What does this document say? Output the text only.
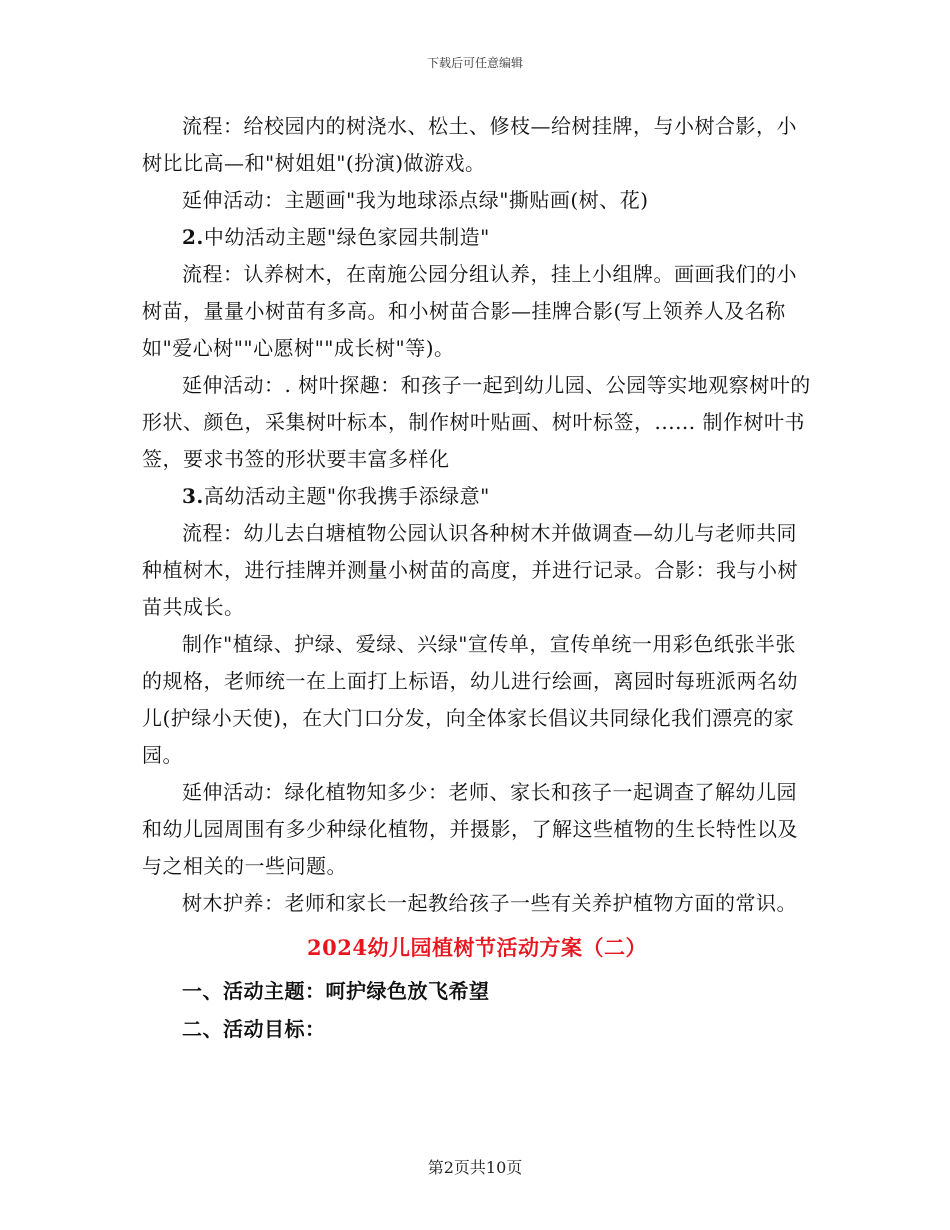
下载后可任意编辑

流程：给校园内的树浇水、松土、修枝—给树挂牌，与小树合影，小树比比高—和"树姐姐"(扮演)做游戏。

延伸活动：主题画"我为地球添点绿"撕贴画(树、花)

2.中幼活动主题"绿色家园共制造"

流程：认养树木，在南施公园分组认养，挂上小组牌。画画我们的小树苗，量量小树苗有多高。和小树苗合影—挂牌合影(写上领养人及名称如"爱心树""心愿树""成长树"等)。

延伸活动：. 树叶探趣：和孩子一起到幼儿园、公园等实地观察树叶的形状、颜色，采集树叶标本，制作树叶贴画、树叶标签，...... 制作树叶书签，要求书签的形状要丰富多样化

3.高幼活动主题"你我携手添绿意"

流程：幼儿去白塘植物公园认识各种树木并做调查—幼儿与老师共同种植树木，进行挂牌并测量小树苗的高度，并进行记录。合影：我与小树苗共成长。

制作"植绿、护绿、爱绿、兴绿"宣传单，宣传单统一用彩色纸张半张的规格，老师统一在上面打上标语，幼儿进行绘画，离园时每班派两名幼儿(护绿小天使)，在大门口分发，向全体家长倡议共同绿化我们漂亮的家园。

延伸活动：绿化植物知多少：老师、家长和孩子一起调查了解幼儿园和幼儿园周围有多少种绿化植物，并摄影，了解这些植物的生长特性以及与之相关的一些问题。

树木护养：老师和家长一起教给孩子一些有关养护植物方面的常识。

2024幼儿园植树节活动方案（二）

一、活动主题：呵护绿色放飞希望

二、活动目标：

第2页共10页
